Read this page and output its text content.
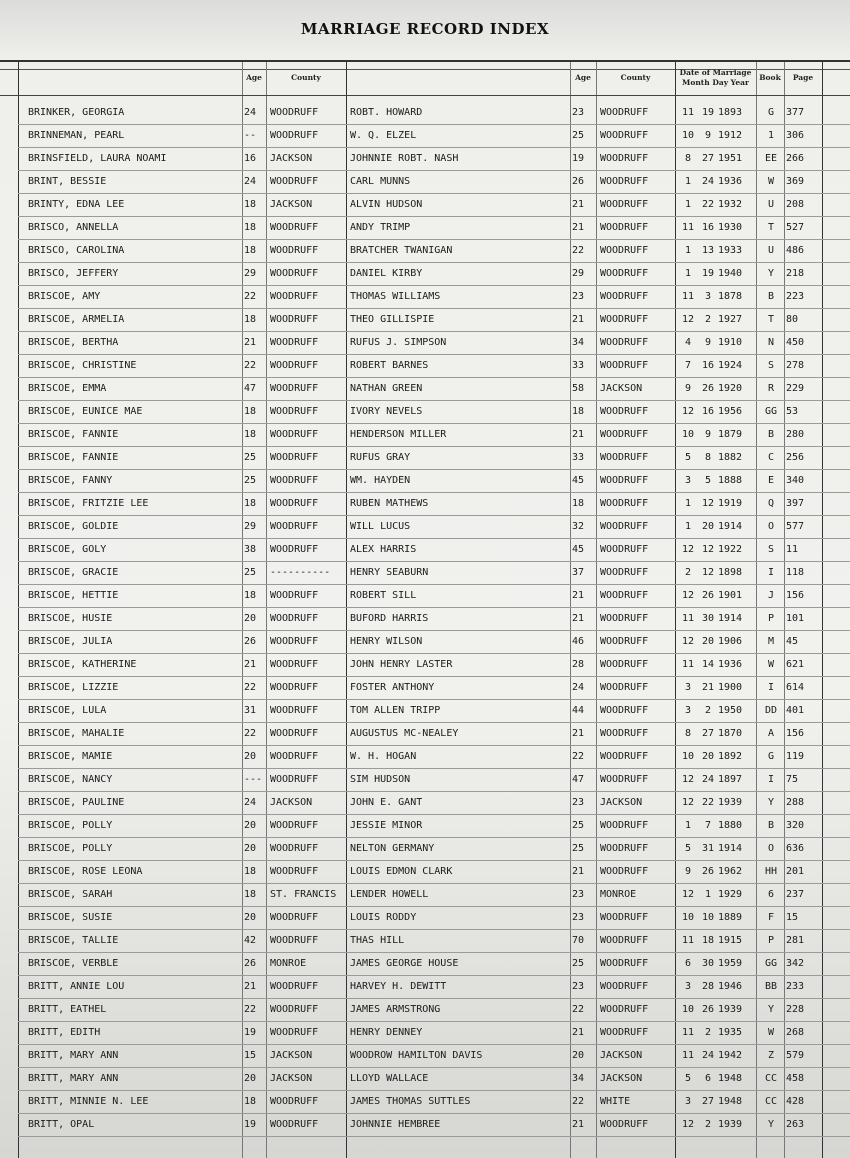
MARRIAGE RECORD INDEX
Age	County	Age	County
Date of Marriage
Month Day Year
Book	Page
BRINKER, GEORGIA	24	WOODRUFF	ROBT. HOWARD	23	WOODRUFF	11 19 1893	G	377
BRINNEMAN, PEARL	--	WOODRUFF	W. Q. ELZEL	25	WOODRUFF	10	9 1912	1	306
BRINSFIELD, LAURA NOAMI	16	JACKSON	JOHNNIE ROBT. NASH	19	WOODRUFF	8	27 1951	EE 266
BRINT, BESSIE	24	WOODRUFF	CARL MUNNS	26	WOODRUFF	1	24 1936	W	369
BRINTY, EDNA LEE	18	JACKSON	ALVIN HUDSON	21	WOODRUFF	1	22 1932	U	208
BRISCO, ANNELLA	18	WOODRUFF	ANDY TRIMP	21	WOODRUFF	11 16 1930	T	527
BRISCO, CAROLINA	18	WOODRUFF	BRATCHER TWANIGAN	22	WOODRUFF	1	13 1933	U	486
BRISCO, JEFFERY	29	WOODRUFF	DANIEL KIRBY	29	WOODRUFF	1	19 1940	Y	218
BRISCOE, AMY	22	WOODRUFF	THOMAS WILLIAMS	23	WOODRUFF	11	3 1878	B	223
BRISCOE, ARMELIA	18	WOODRUFF	THEO GILLISPIE	21	WOODRUFF	12	2 1927	T	80
BRISCOE, BERTHA	21	WOODRUFF	RUFUS J. SIMPSON	34	WOODRUFF	4	9 1910	N	450
BRISCOE, CHRISTINE	22	WOODRUFF	ROBERT BARNES	33	WOODRUFF	7	16 1924	S	278
BRISCOE, EMMA	47	WOODRUFF	NATHAN GREEN	58	JACKSON	9	26 1920	R	229
BRISCOE, EUNICE MAE	18	WOODRUFF	IVORY NEVELS	18	WOODRUFF	12 16 1956	GG 53
BRISCOE, FANNIE	18	WOODRUFF	HENDERSON MILLER	21	WOODRUFF	10	9 1879	B	280
BRISCOE, FANNIE	25	WOODRUFF	RUFUS GRAY	33	WOODRUFF	5	8 1882	C	256
BRISCOE, FANNY	25	WOODRUFF	WM. HAYDEN	45	WOODRUFF	3	5 1888	E	340
BRISCOE, FRITZIE LEE	18	WOODRUFF	RUBEN MATHEWS	18	WOODRUFF	1	12 1919	Q	397
BRISCOE, GOLDIE	29	WOODRUFF	WILL LUCUS	32	WOODRUFF	1	20 1914	O	577
BRISCOE, GOLY	38	WOODRUFF	ALEX HARRIS	45	WOODRUFF	12 12 1922	S	11
BRISCOE, GRACIE	25	----------	HENRY SEABURN	37	WOODRUFF	2	12 1898	I	118
BRISCOE, HETTIE	18	WOODRUFF	ROBERT SILL	21	WOODRUFF	12 26 1901	J	156
BRISCOE, HUSIE	20	WOODRUFF	BUFORD HARRIS	21	WOODRUFF	11 30 1914	P	101
BRISCOE, JULIA	26	WOODRUFF	HENRY WILSON	46	WOODRUFF	12 20 1906	M	45
BRISCOE, KATHERINE	21	WOODRUFF	JOHN HENRY LASTER	28	WOODRUFF	11 14 1936	W	621
BRISCOE, LIZZIE	22	WOODRUFF	FOSTER ANTHONY	24	WOODRUFF	3	21 1900	I	614
BRISCOE, LULA	31	WOODRUFF	TOM ALLEN TRIPP	44	WOODRUFF	3	2 1950	DD 401
BRISCOE, MAHALIE	22	WOODRUFF	AUGUSTUS MC-NEALEY	21	WOODRUFF	8	27 1870	A	156
BRISCOE, MAMIE	20	WOODRUFF	W. H. HOGAN	22	WOODRUFF	10 20 1892	G	119
BRISCOE, NANCY	--- WOODRUFF	SIM HUDSON	47	WOODRUFF	12 24 1897	I	75
BRISCOE, PAULINE	24	JACKSON	JOHN E. GANT	23	JACKSON	12 22 1939	Y	288
BRISCOE, POLLY	20	WOODRUFF	JESSIE MINOR	25	WOODRUFF	1	7 1880	B	320
BRISCOE, POLLY	20	WOODRUFF	NELTON GERMANY	25	WOODRUFF	5	31 1914	O	636
BRISCOE, ROSE LEONA	18	WOODRUFF	LOUIS EDMON CLARK	21	WOODRUFF	9	26 1962	HH 201
BRISCOE, SARAH	18	ST. FRANCIS	LENDER HOWELL	23	MONROE	12	1 1929	6	237
BRISCOE, SUSIE	20	WOODRUFF	LOUIS RODDY	23	WOODRUFF	10 10 1889	F	15
BRISCOE, TALLIE	42	WOODRUFF	THAS HILL	70	WOODRUFF	11 18 1915	P	281
BRISCOE, VERBLE	26	MONROE	JAMES GEORGE HOUSE	25	WOODRUFF	6	30 1959	GG 342
BRITT, ANNIE LOU	21	WOODRUFF	HARVEY H. DEWITT	23	WOODRUFF	3	28 1946	BB 233
BRITT, EATHEL	22	WOODRUFF	JAMES ARMSTRONG	22	WOODRUFF	10 26 1939	Y	228
BRITT, EDITH	19	WOODRUFF	HENRY DENNEY	21	WOODRUFF	11	2 1935	W	268
BRITT, MARY ANN	15	JACKSON	WOODROW HAMILTON DAVIS	20	JACKSON	11 24 1942	Z	579
BRITT, MARY ANN	20	JACKSON	LLOYD WALLACE	34	JACKSON	5	6 1948	CC 458
BRITT, MINNIE N. LEE	18	WOODRUFF	JAMES THOMAS SUTTLES	22	WHITE	3	27 1948	CC 428
BRITT, OPAL	19	WOODRUFF	JOHNNIE HEMBREE	21	WOODRUFF	12	2 1939	Y	263
